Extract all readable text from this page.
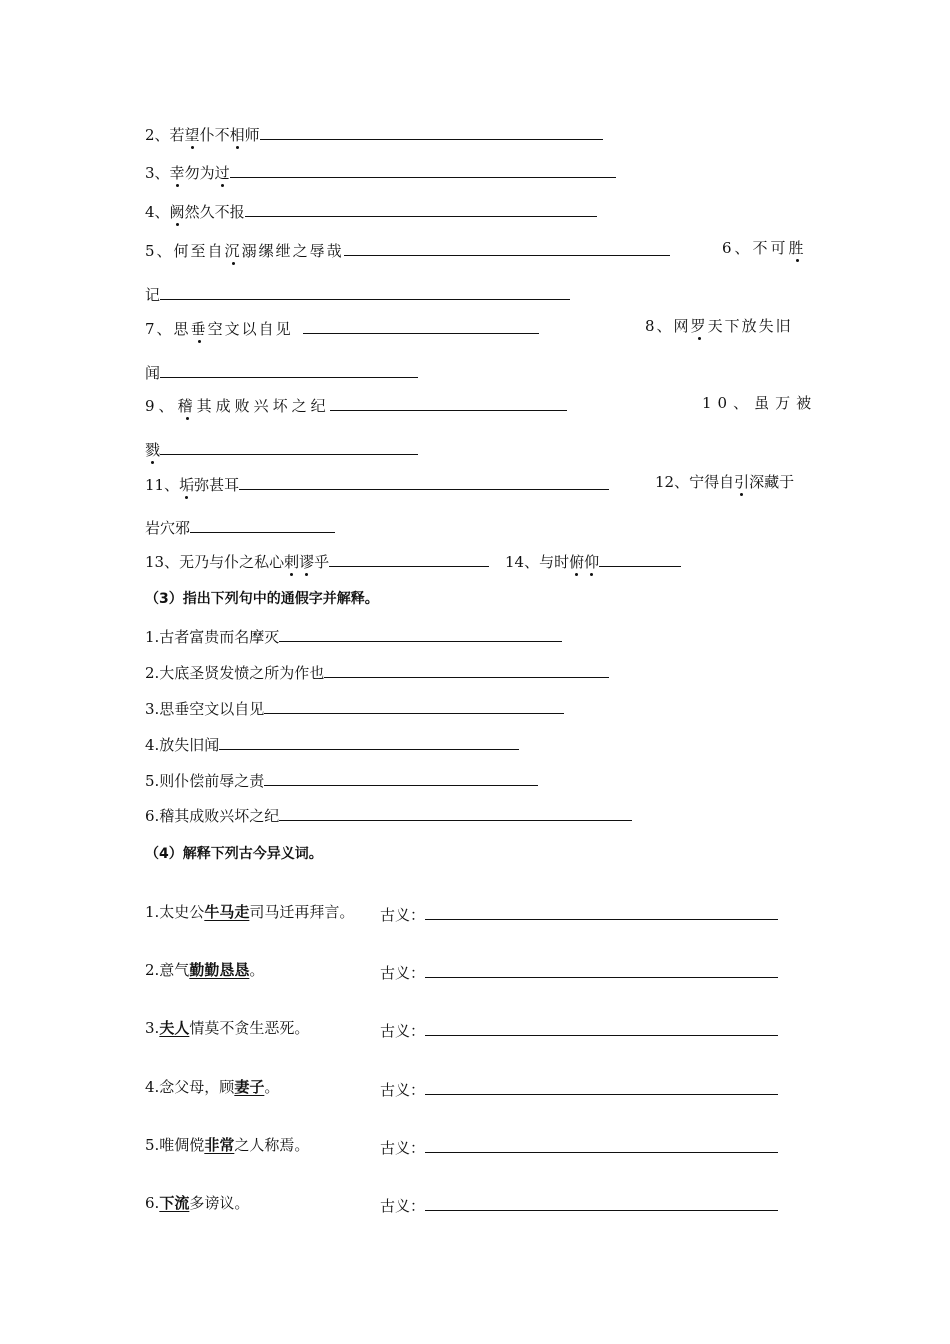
2、若望仆不相师
3、幸勿为过
4、阙然久不报
5、何至自沉溺缧绁之辱哉	6、不可胜
记
7、思垂空文以自见	8、网罗天下放失旧
闻
9、稽其成败兴坏之纪	10、虽万被
戮
11、垢弥甚耳	12、宁得自引深藏于
岩穴邪
13、无乃与仆之私心剌谬乎	14、与时俯仰
（3）指出下列句中的通假字并解释。
1.古者富贵而名摩灭
2.大底圣贤发愤之所为作也
3.思垂空文以自见
4.放失旧闻
5.则仆偿前辱之责
6.稽其成败兴坏之纪
（4）解释下列古今异义词。
1.太史公牛马走司马迁再拜言。 古义：
2.意气勤勤恳恳。	古义：
3.夫人情莫不贪生恶死。	古义：
4.念父母，顾妻子。	古义：
5.唯倜傥非常之人称焉。	古义：
6.下流多谤议。	古义：
